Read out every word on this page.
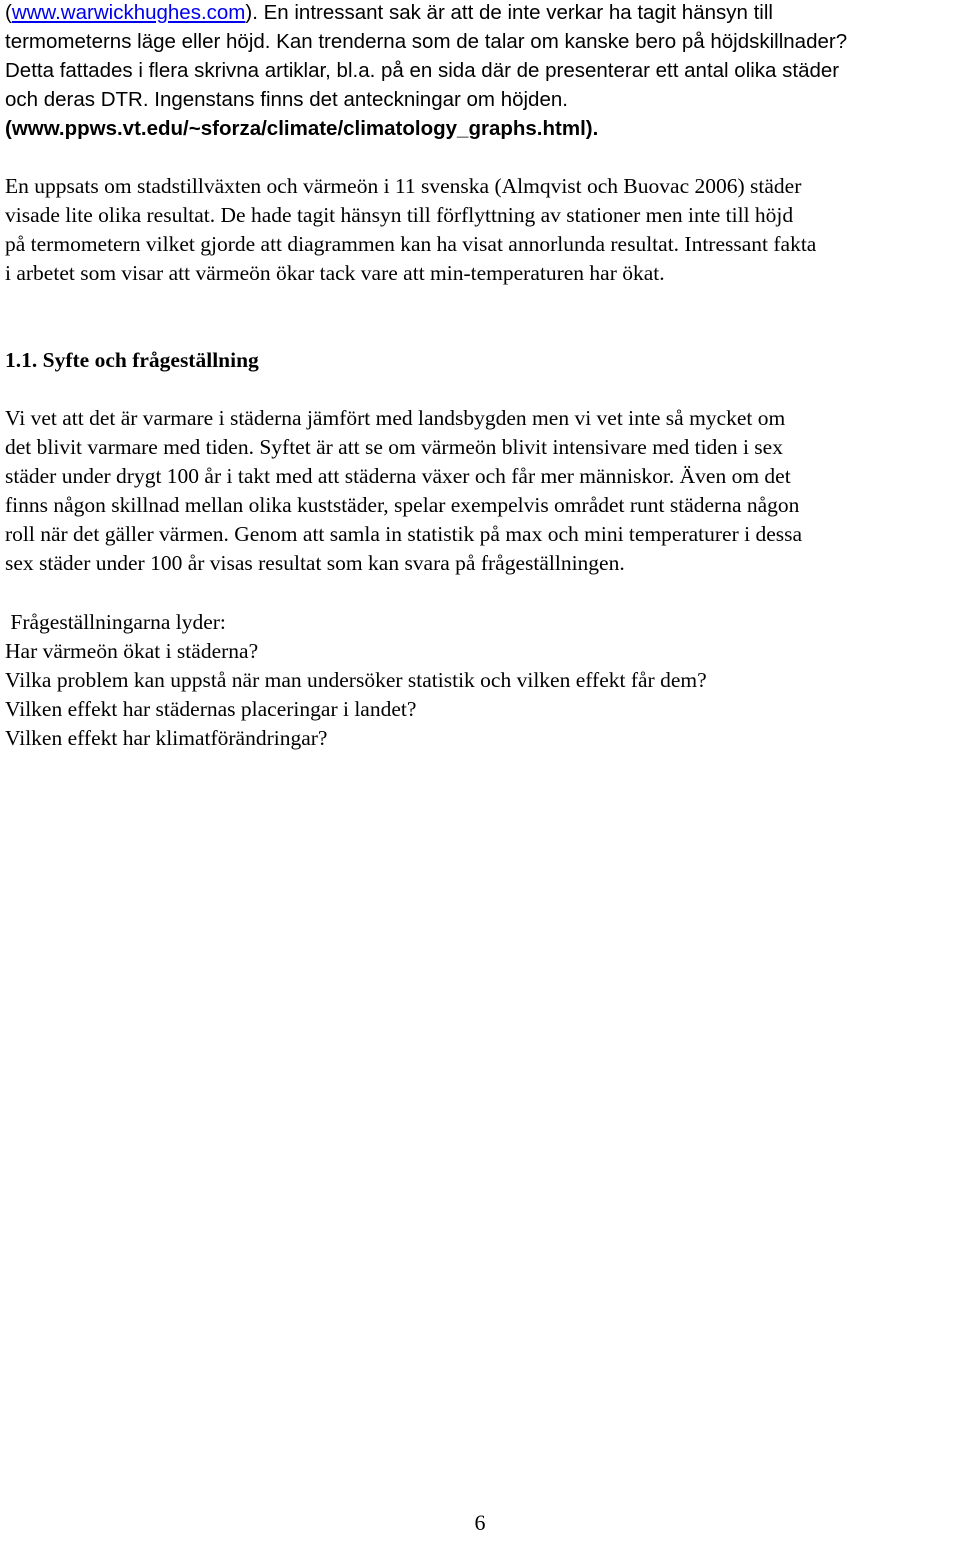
(www.warwickhughes.com). En intressant sak är att de inte verkar ha tagit hänsyn till
termometerns läge eller höjd. Kan trenderna som de talar om kanske bero på höjdskillnader?
Detta fattades i flera skrivna artiklar, bl.a. på en sida där de presenterar ett antal olika städer
och deras DTR. Ingenstans finns det anteckningar om höjden.
(www.ppws.vt.edu/~sforza/climate/climatology_graphs.html).
En uppsats om stadstillväxten och värmeön i 11 svenska (Almqvist och Buovac 2006) städer
visade lite olika resultat. De hade tagit hänsyn till förflyttning av stationer men inte till höjd
på termometern vilket gjorde att diagrammen kan ha visat annorlunda resultat. Intressant fakta
i arbetet som visar att värmeön ökar tack vare att min-temperaturen har ökat.
1.1. Syfte och frågeställning
Vi vet att det är varmare i städerna jämfört med landsbygden men vi vet inte så mycket om
det blivit varmare med tiden. Syftet är att se om värmeön blivit intensivare med tiden i sex
städer under drygt 100 år i takt med att städerna växer och får mer människor. Även om det
finns någon skillnad mellan olika kuststäder, spelar exempelvis området runt städerna någon
roll när det gäller värmen. Genom att samla in statistik på max och mini temperaturer i dessa
sex städer under 100 år visas resultat som kan svara på frågeställningen.
Frågeställningarna lyder:
Har värmeön ökat i städerna?
Vilka problem kan uppstå när man undersöker statistik och vilken effekt får dem?
Vilken effekt har städernas placeringar i landet?
Vilken effekt har klimatförändringar?
6
